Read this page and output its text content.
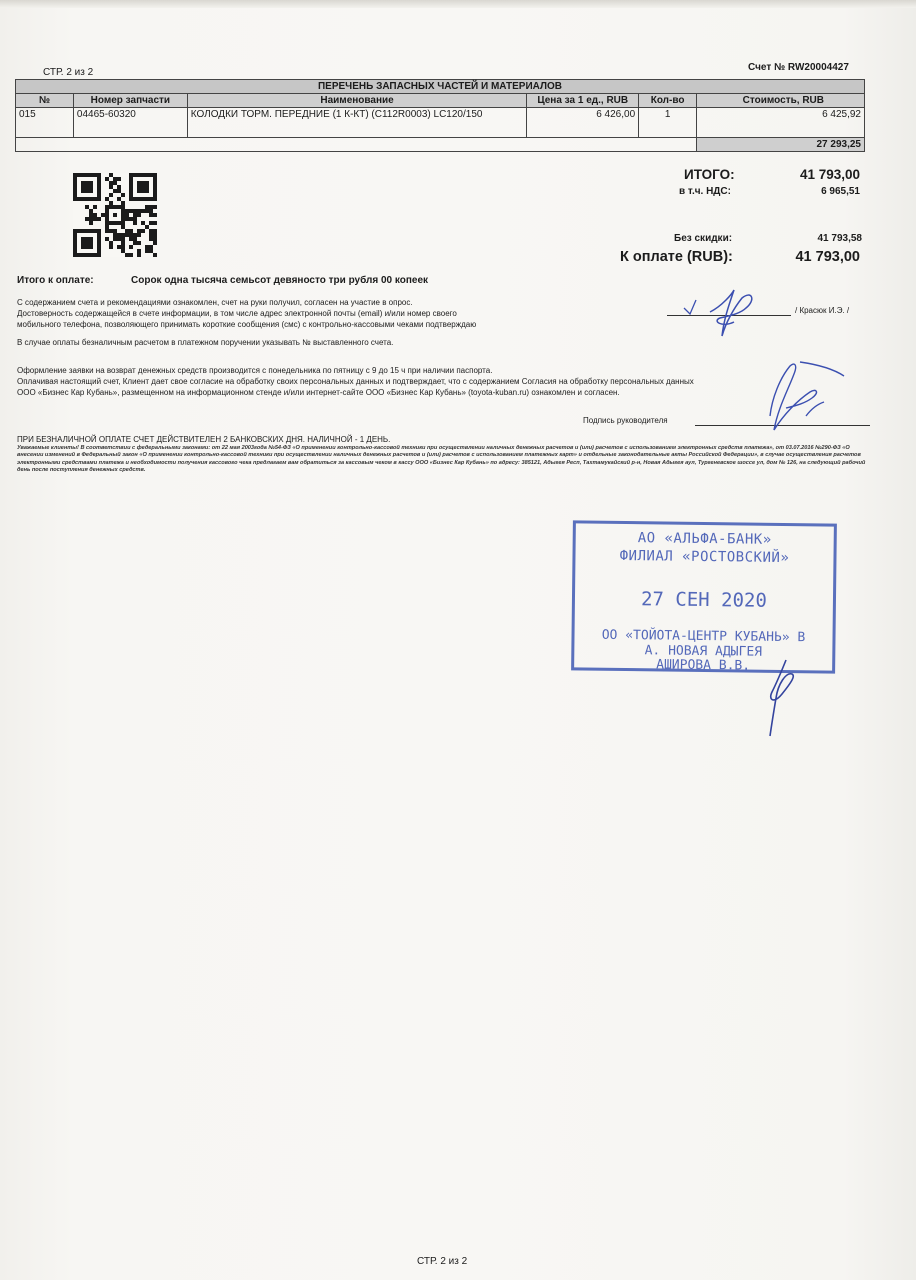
СТР. 2 из 2	Счет № RW20004427
ПЕРЕЧЕНЬ ЗАПАСНЫХ ЧАСТЕЙ И МАТЕРИАЛОВ					
№	Номер запчасти	Наименование	Цена за 1 ед., RUB	Кол-во	Стоимость, RUB
015	04465-60320	КОЛОДКИ ТОРМ. ПЕРЕДНИЕ (1 К-КТ) (C112R0003) LC120/150	6 426,00	1	6 425,92
					27 293,25
ИТОГО:	41 793,00
в т.ч. НДС:	6 965,51
Без скидки:	41 793,58
К оплате (RUB):	41 793,00
Итого к оплате:	Сорок одна тысяча семьсот девяносто три рубля 00 копеек
С содержанием счета и рекомендациями ознакомлен, счет на руки получил, согласен на участие в опрос.
Достоверность содержащейся в счете информации, в том числе адрес электронной почты (email) и/или номер своего
мобильного телефона, позволяющего принимать короткие сообщения (смс) с контрольно-кассовыми чеками подтверждаю
/ Красюк И.Э. /
В случае оплаты безналичным расчетом в платежном поручении указывать № выставленного счета.
Оформление заявки на возврат денежных средств производится с понедельника по пятницу с 9 до 15 ч при наличии паспорта.
Оплачивая настоящий счет, Клиент дает свое согласие на обработку своих персональных данных и подтверждает, что с содержанием Согласия на обработку персональных данных
ООО «Бизнес Кар Кубань», размещенном на информационном стенде и/или интернет-сайте ООО «Бизнес Кар Кубань» (toyota-kuban.ru) ознакомлен и согласен.
Подпись руководителя
ПРИ БЕЗНАЛИЧНОЙ ОПЛАТЕ СЧЕТ ДЕЙСТВИТЕЛЕН 2 БАНКОВСКИХ ДНЯ. НАЛИЧНОЙ - 1 ДЕНЬ.
Уважаемые клиенты! В соответствии с федеральными законами: от 22 мая 2003года №54-ФЗ «О применении контрольно-кассовой техники при осуществлении наличных денежных расчетов и (или) расчетов с использованием электронных средств платежа», от 03.07.2016 №290-ФЗ «О внесении изменений в Федеральный закон «О применении контрольно-кассовой техники при осуществлении наличных денежных расчетов и (или) расчетов с использованием платежных карт» и отдельные законодательные акты Российской Федерации», в случае осуществления расчетов электронными средствами платежа и необходимости получения кассового чека предлагаем вам обратиться за кассовым чеком в кассу ООО «Бизнес Кар Кубань» по адресу: 385121, Адыгея Респ, Тахтамукайский р-н, Новая Адыгея аул, Тургеневское шоссе ул, дом № 126, на следующий рабочий день после поступления денежных средств.
АО «АЛЬФА-БАНК»
ФИЛИАЛ «РОСТОВСКИЙ»
27 СЕН 2020
ОО «ТОЙОТА-ЦЕНТР КУБАНЬ» В
А. НОВАЯ АДЫГЕЯ
АШИРОВА В.В.
СТР. 2 из 2
